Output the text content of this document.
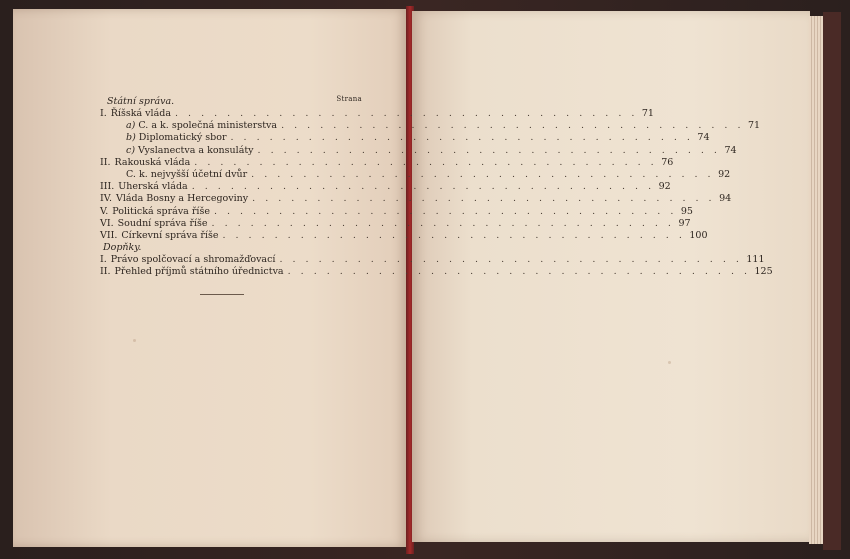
Státní správa.	Strana
I. Říšská vláda . . . . . . . . . . . . . . . . . . . . . . . . . . . . . . . . . . . . 71
a) C. a k. společná ministerstva . . . . . . . . . . . . . . . . . . . . . . . . . . . . . . . . . . . . 71
b) Diplomatický sbor . . . . . . . . . . . . . . . . . . . . . . . . . . . . . . . . . . . . 74
c) Vyslanectva a konsuláty . . . . . . . . . . . . . . . . . . . . . . . . . . . . . . . . . . . . 74
II. Rakouská vláda . . . . . . . . . . . . . . . . . . . . . . . . . . . . . . . . . . . . 76
C. k. nejvyšší účetní dvůr . . . . . . . . . . . . . . . . . . . . . . . . . . . . . . . . . . . . 92
III. Uherská vláda . . . . . . . . . . . . . . . . . . . . . . . . . . . . . . . . . . . . 92
IV. Vláda Bosny a Hercegoviny . . . . . . . . . . . . . . . . . . . . . . . . . . . . . . . . . . . . 94
V. Politická správa říše . . . . . . . . . . . . . . . . . . . . . . . . . . . . . . . . . . . . 95
VI. Soudní správa říše . . . . . . . . . . . . . . . . . . . . . . . . . . . . . . . . . . . . 97
VII. Církevní správa říše . . . . . . . . . . . . . . . . . . . . . . . . . . . . . . . . . . . . 100
Dopňky.
I. Právo spolčovací a shromažďovací . . . . . . . . . . . . . . . . . . . . . . . . . . . . . . . . . . . . 111
II. Přehled příjmů státního úřednictva . . . . . . . . . . . . . . . . . . . . . . . . . . . . . . . . . . . . 125
